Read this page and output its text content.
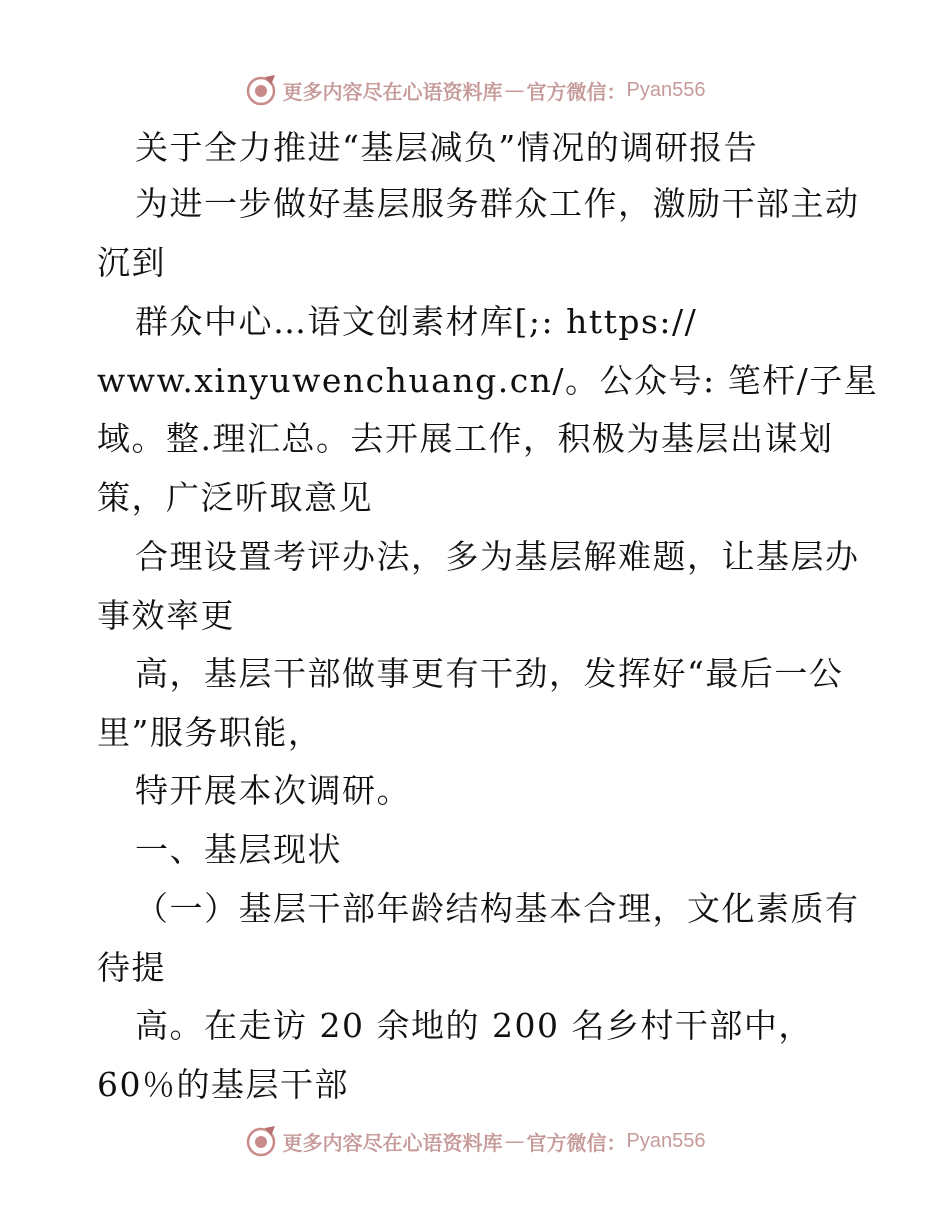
更多内容尽在心语资料库 — 官方微信： Pyan556
关于全力推进“基层减负”情况的调研报告
为进一步做好基层服务群众工作，激励干部主动
沉到
群众中心…语文创素材库[;: https://
www.xinyuwenchuang.cn/。公众号: 笔杆/子星
域。整.理汇总。去开展工作，积极为基层出谋划
策，广泛听取意见
合理设置考评办法，多为基层解难题，让基层办
事效率更
高，基层干部做事更有干劲，发挥好“最后一公
里”服务职能，
特开展本次调研。
一、基层现状
（一）基层干部年龄结构基本合理，文化素质有
待提
高。在走访 20 余地的 200 名乡村干部中，
60％的基层干部
更多内容尽在心语资料库 — 官方微信： Pyan556
